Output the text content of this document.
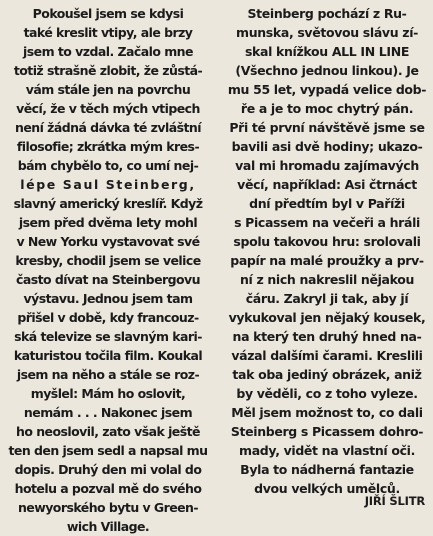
Pokoušel jsem se kdysi
také kreslit vtipy, ale brzy
jsem to vzdal. Začalo mne
totiž strašně zlobit, že zůstá-
vám stále jen na povrchu
věcí, že v těch mých vtipech
není žádná dávka té zvláštní
filosofie; zkrátka mým kres-
bám chybělo to, co umí nej-
lépe Saul Steinberg,
slavný americký kreslíř. Když
jsem před dvěma lety mohl
v New Yorku vystavovat své
kresby, chodil jsem se velice
často dívat na Steinbergovu
výstavu. Jednou jsem tam
přišel v době, kdy francouz-
ská televize se slavným kari-
katuristou točila film. Koukal
jsem na něho a stále se roz-
myšlel: Mám ho oslovit,
nemám . . . Nakonec jsem
ho neoslovil, zato však ještě
ten den jsem sedl a napsal mu
dopis. Druhý den mi volal do
hotelu a pozval mě do svého
newyorského bytu v Green-
wich Village.
Steinberg pochází z Ru-
munska, světovou slávu zí-
skal knížkou ALL IN LINE
(Všechno jednou linkou). Je
mu 55 let, vypadá velice dob-
ře a je to moc chytrý pán.
Při té první návštěvě jsme se
bavili asi dvě hodiny; ukazo-
val mi hromadu zajímavých
věcí, například: Asi čtrnáct
dní předtím byl v Paříži
s Picassem na večeři a hráli
spolu takovou hru: srolovali
papír na malé proužky a prv-
ní z nich nakreslil nějakou
čáru. Zakryl ji tak, aby jí
vykukoval jen nějaký kousek,
na který ten druhý hned na-
vázal dalšími čarami. Kreslili
tak oba jediný obrázek, aniž
by věděli, co z toho vyleze.
Měl jsem možnost to, co dali
Steinberg s Picassem dohro-
mady, vidět na vlastní oči.
Byla to nádherná fantazie
dvou velkých umělců.
JIŘÍ ŠLITR
